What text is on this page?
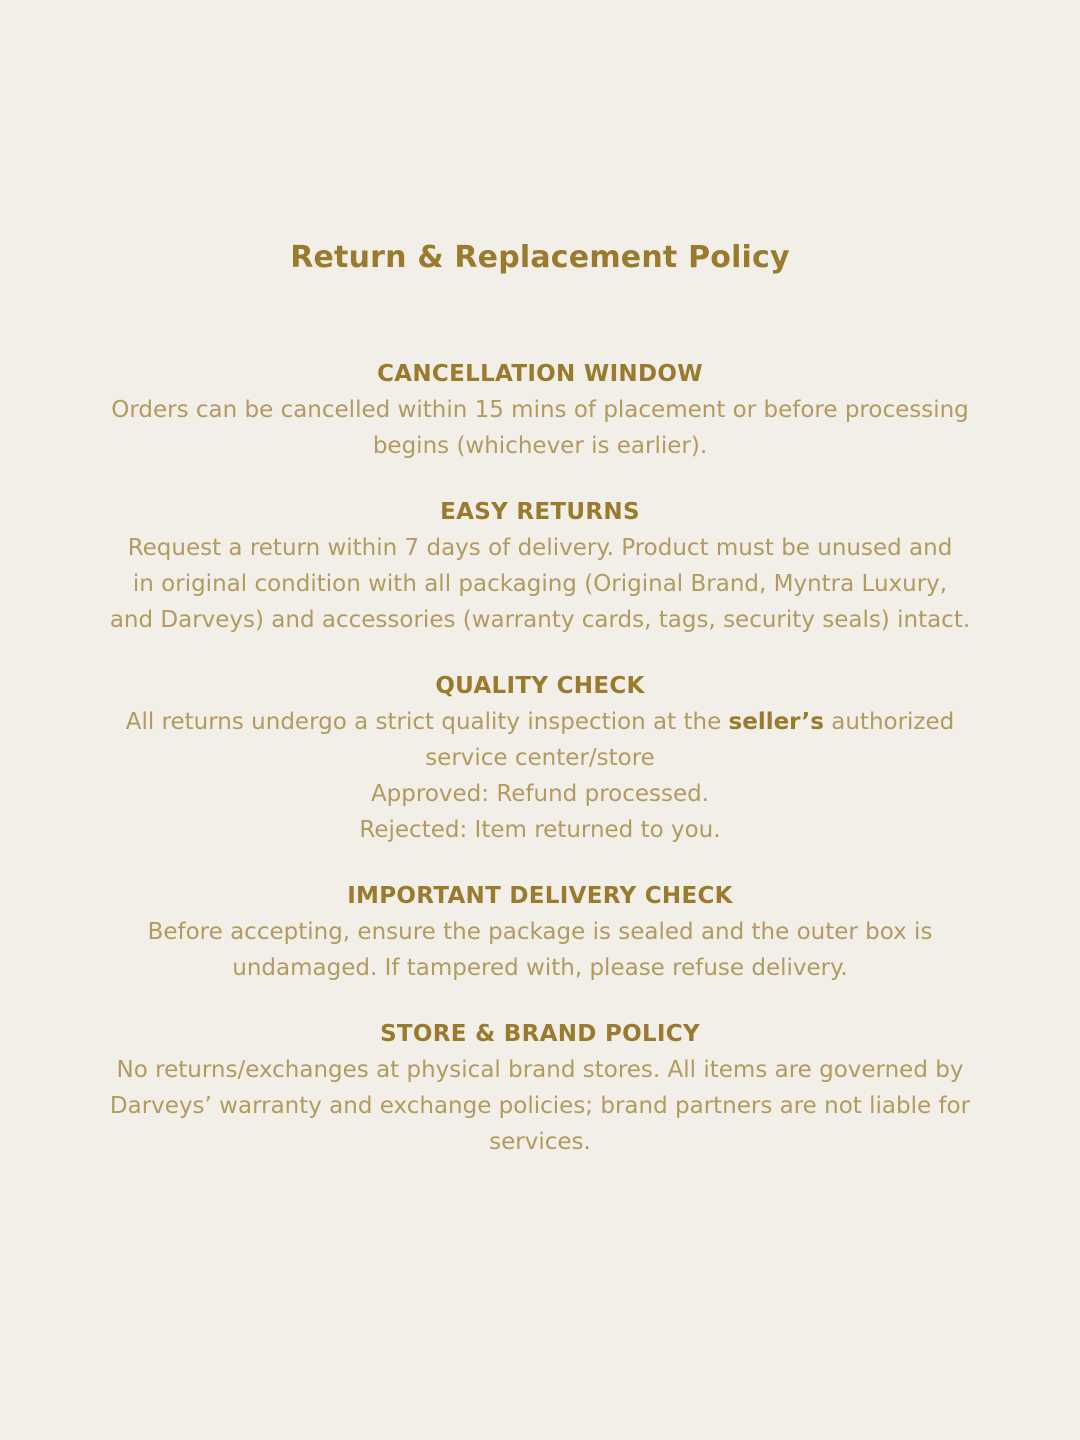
Return & Replacement Policy
CANCELLATION WINDOW

Orders can be cancelled within 15 mins of placement or before processing
begins (whichever is earlier).

EASY RETURNS

Request a return within 7 days of delivery. Product must be unused and
in original condition with all packaging (Original Brand, Myntra Luxury,
and Darveys) and accessories (warranty cards, tags, security seals) intact.

QUALITY CHECK

All returns undergo a strict quality inspection at the seller’s authorized
service center/store
Approved: Refund processed.
Rejected: Item returned to you.

IMPORTANT DELIVERY CHECK

Before accepting, ensure the package is sealed and the outer box is
undamaged. If tampered with, please refuse delivery.

STORE & BRAND POLICY

No returns/exchanges at physical brand stores. All items are governed by
Darveys’ warranty and exchange policies; brand partners are not liable for
services.
